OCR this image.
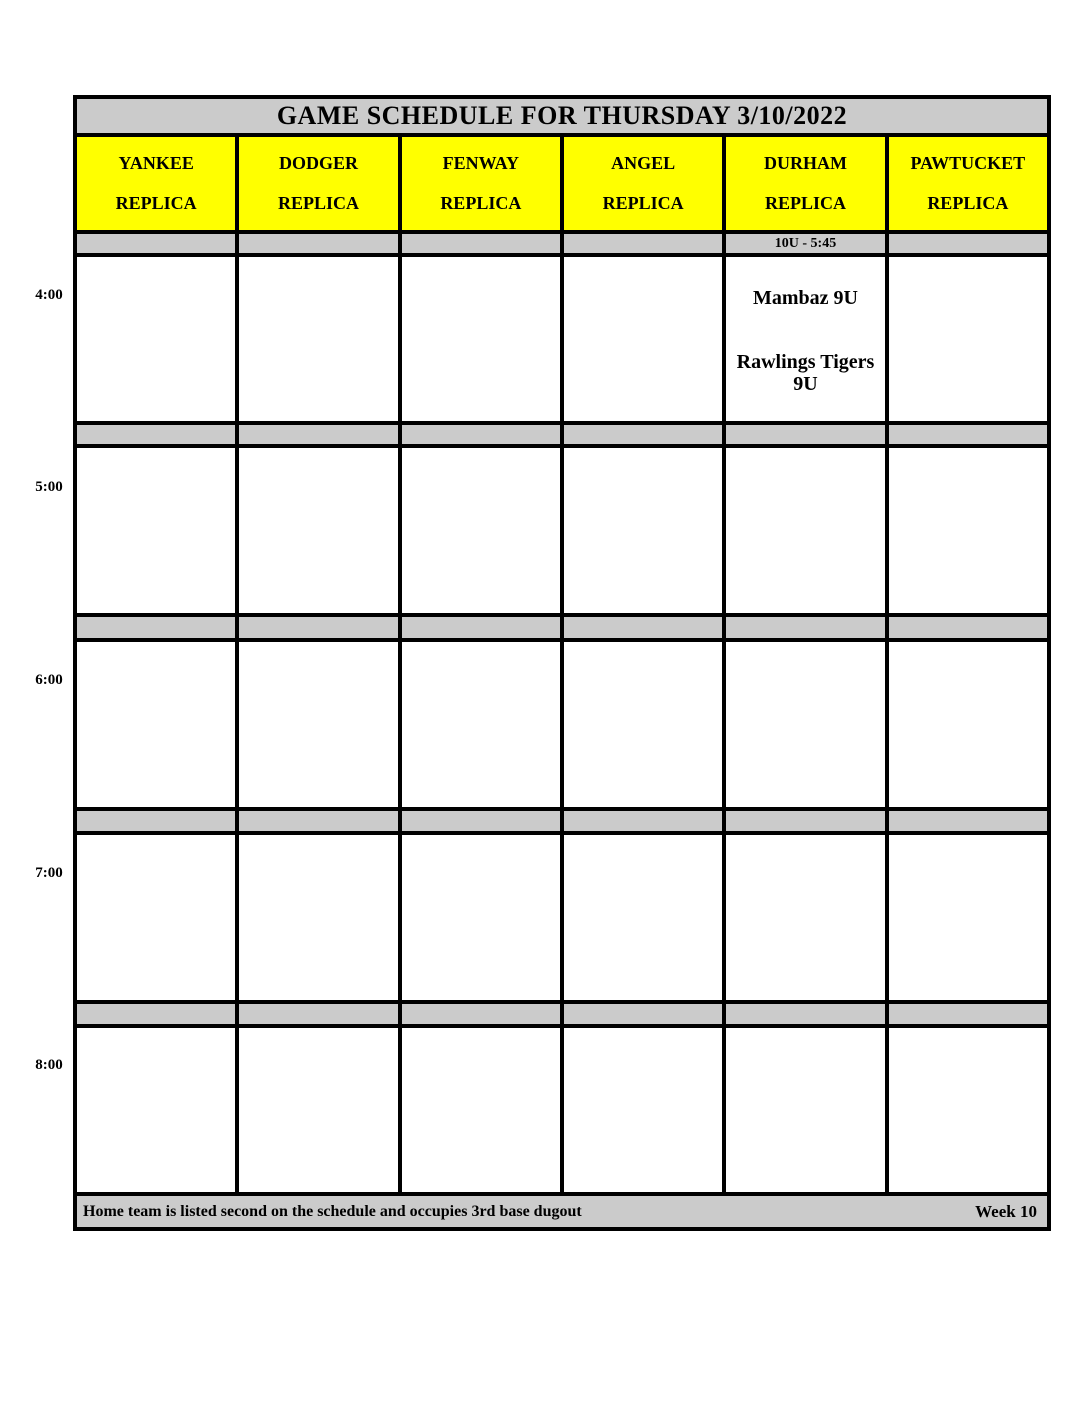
4:00
5:00
6:00
7:00
8:00
GAME SCHEDULE FOR THURSDAY 3/10/2022
YANKEE
REPLICA
DODGER
REPLICA
FENWAY
REPLICA
ANGEL
REPLICA
DURHAM
REPLICA
PAWTUCKET
REPLICA
10U - 5:45
Mambaz 9U
Rawlings Tigers 9U
Home team is listed second on the schedule and occupies 3rd base dugout	Week 10
